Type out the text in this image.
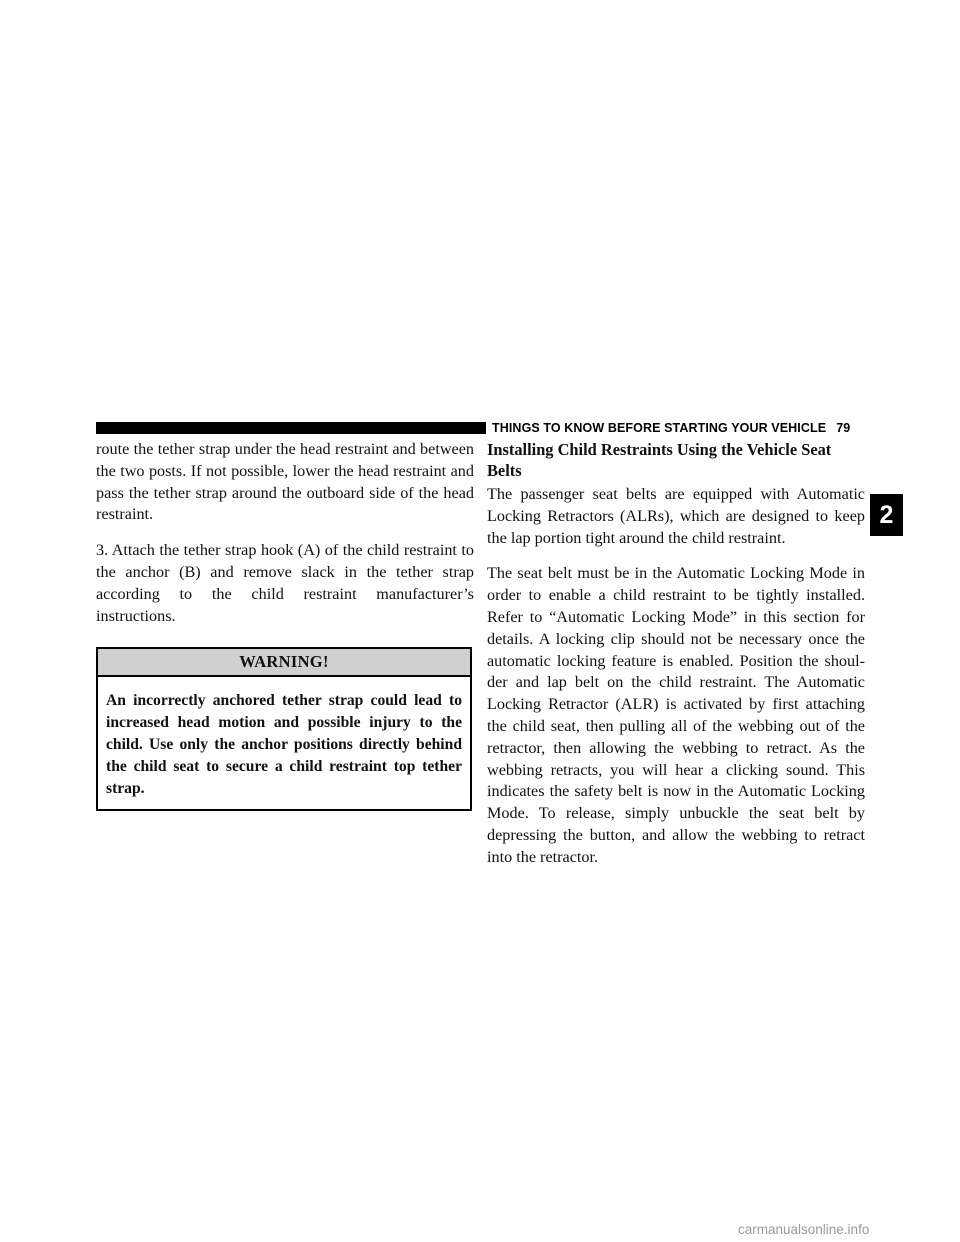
THINGS TO KNOW BEFORE STARTING YOUR VEHICLE 79

route the tether strap under the head restraint and between the two posts. If not possible, lower the head restraint and pass the tether strap around the outboard side of the head restraint.

3. Attach the tether strap hook (A) of the child restraint to the anchor (B) and remove slack in the tether strap according to the child restraint manufacturer’s instructions.

WARNING!
An incorrectly anchored tether strap could lead to increased head motion and possible injury to the child. Use only the anchor positions directly behind the child seat to secure a child restraint top tether strap.
Installing Child Restraints Using the Vehicle Seat Belts

The passenger seat belts are equipped with Automatic Locking Retractors (ALRs), which are designed to keep the lap portion tight around the child restraint.

The seat belt must be in the Automatic Locking Mode in order to enable a child restraint to be tightly installed. Refer to “Automatic Locking Mode” in this section for details. A locking clip should not be necessary once the automatic locking feature is enabled. Position the shoul-der and lap belt on the child restraint. The Automatic Locking Retractor (ALR) is activated by first attaching the child seat, then pulling all of the webbing out of the retractor, then allowing the webbing to retract. As the webbing retracts, you will hear a clicking sound. This indicates the safety belt is now in the Automatic Locking Mode. To release, simply unbuckle the seat belt by depressing the button, and allow the webbing to retract into the retractor.

2
carmanualsonline.info
